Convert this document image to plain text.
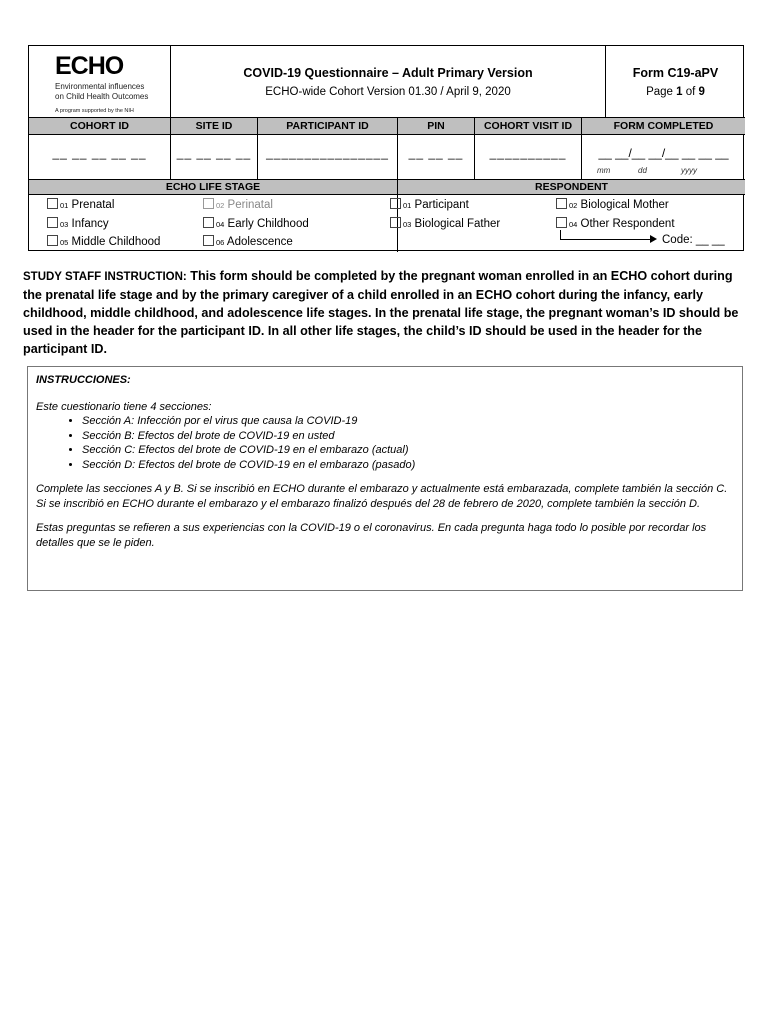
ECHO
Environmental influences
on Child Health Outcomes
A program supported by the NIH
COVID-19 Questionnaire – Adult Primary Version
ECHO-wide Cohort Version 01.30 / April 9, 2020
Form C19-aPV
Page 1 of 9
COHORT ID	SITE ID	PARTICIPANT ID	PIN	COHORT VISIT ID	FORM COMPLETED
__ __ __ __ __	__ __ __ __	________________	__ __ __	__________	__ __/__ __/__ __ __ __
mm	dd	yyyy
ECHO LIFE STAGE	RESPONDENT
01 Prenatal	02 Perinatal
03 Infancy	04 Early Childhood
05 Middle Childhood	06 Adolescence
01 Participant	02 Biological Mother
03 Biological Father	04 Other Respondent
Code: __ __
STUDY STAFF INSTRUCTION: This form should be completed by the pregnant woman enrolled in an ECHO cohort during the prenatal life stage and by the primary caregiver of a child enrolled in an ECHO cohort during the infancy, early childhood, middle childhood, and adolescence life stages. In the prenatal life stage, the pregnant woman’s ID should be used in the header for the participant ID. In all other life stages, the child’s ID should be used in the header for the participant ID.
INSTRUCCIONES:
Este cuestionario tiene 4 secciones:
• Sección A: Infección por el virus que causa la COVID-19
• Sección B: Efectos del brote de COVID-19 en usted
• Sección C: Efectos del brote de COVID-19 en el embarazo (actual)
• Sección D: Efectos del brote de COVID-19 en el embarazo (pasado)

Complete las secciones A y B. Si se inscribió en ECHO durante el embarazo y actualmente está embarazada, complete también la sección C. Si se inscribió en ECHO durante el embarazo y el embarazo finalizó después del 28 de febrero de 2020, complete también la sección D.

Estas preguntas se refieren a sus experiencias con la COVID-19 o el coronavirus. En cada pregunta haga todo lo posible por recordar los detalles que se le piden.
